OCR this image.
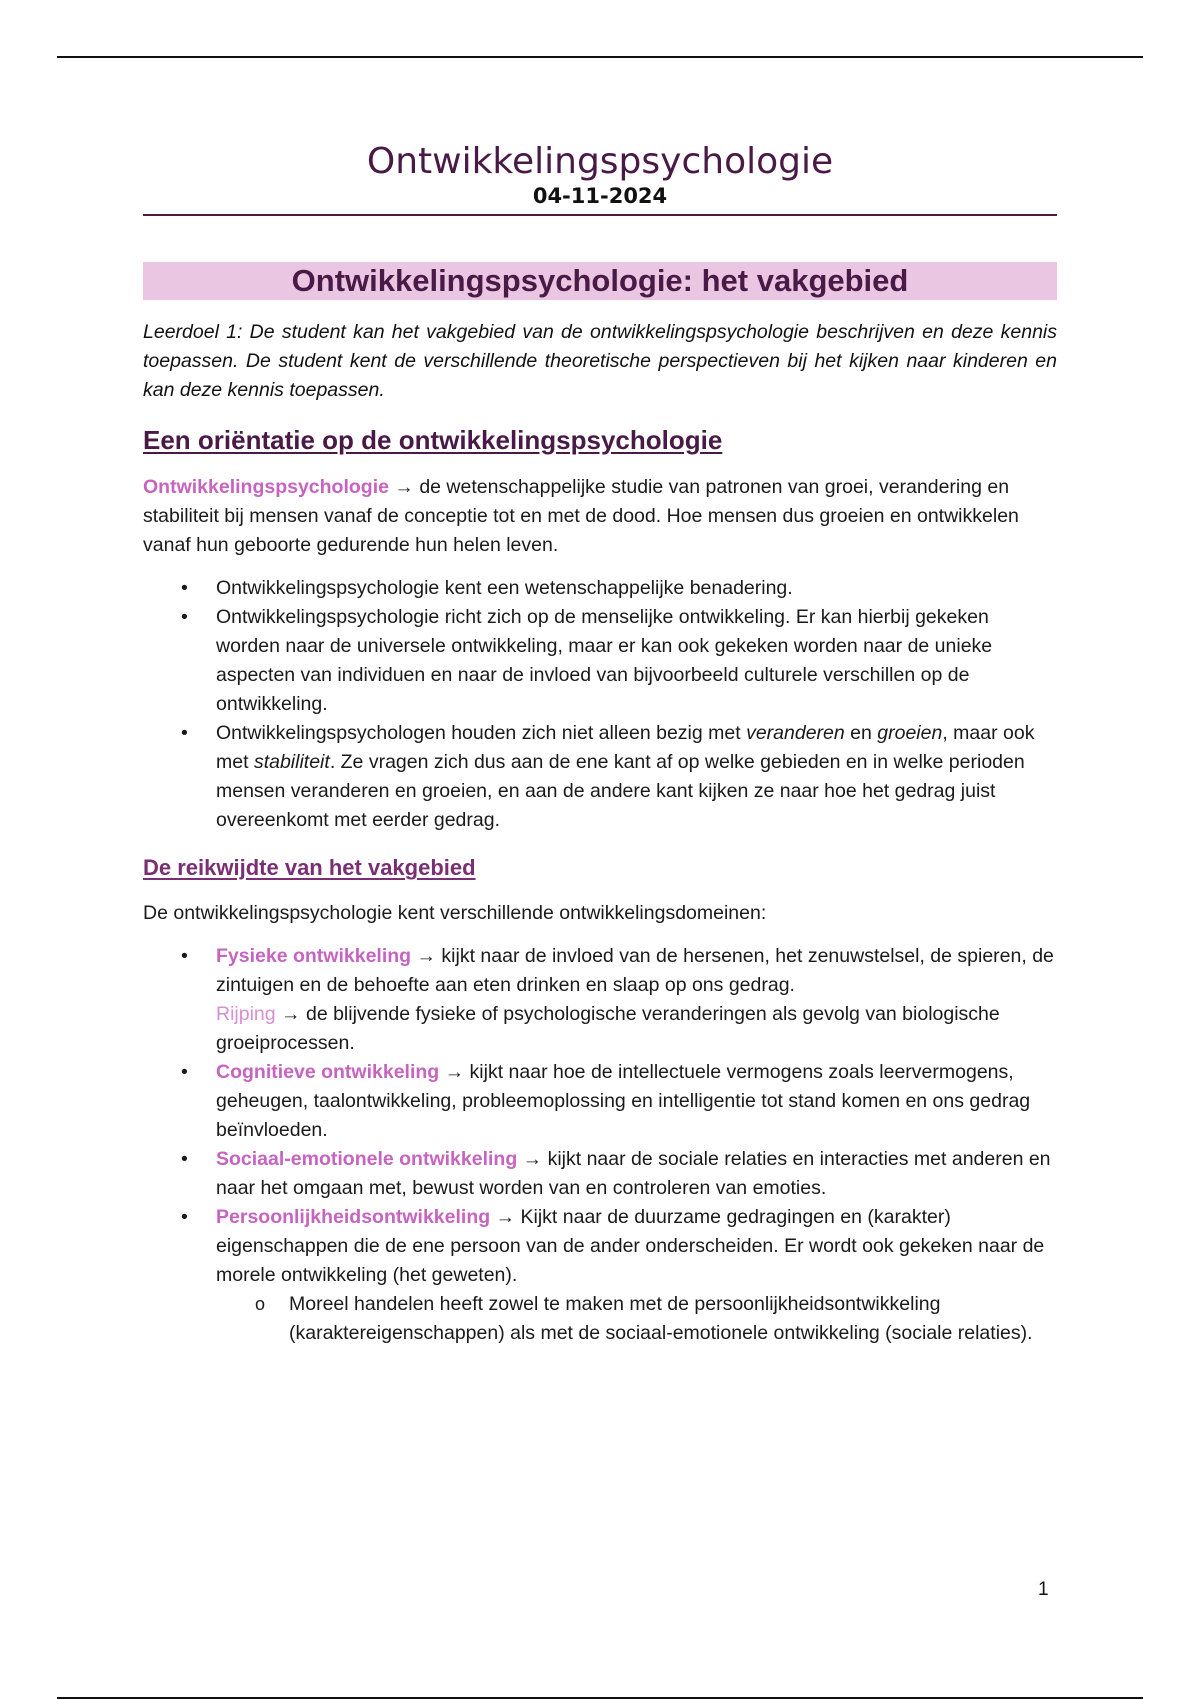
Ontwikkelingspsychologie
04-11-2024
Ontwikkelingspsychologie: het vakgebied
Leerdoel 1: De student kan het vakgebied van de ontwikkelingspsychologie beschrijven en deze kennis toepassen. De student kent de verschillende theoretische perspectieven bij het kijken naar kinderen en kan deze kennis toepassen.
Een oriëntatie op de ontwikkelingspsychologie
Ontwikkelingspsychologie → de wetenschappelijke studie van patronen van groei, verandering en stabiliteit bij mensen vanaf de conceptie tot en met de dood. Hoe mensen dus groeien en ontwikkelen vanaf hun geboorte gedurende hun helen leven.
• Ontwikkelingspsychologie kent een wetenschappelijke benadering.
• Ontwikkelingspsychologie richt zich op de menselijke ontwikkeling. Er kan hierbij gekeken worden naar de universele ontwikkeling, maar er kan ook gekeken worden naar de unieke aspecten van individuen en naar de invloed van bijvoorbeeld culturele verschillen op de ontwikkeling.
• Ontwikkelingspsychologen houden zich niet alleen bezig met veranderen en groeien, maar ook met stabiliteit. Ze vragen zich dus aan de ene kant af op welke gebieden en in welke perioden mensen veranderen en groeien, en aan de andere kant kijken ze naar hoe het gedrag juist overeenkomt met eerder gedrag.
De reikwijdte van het vakgebied
De ontwikkelingspsychologie kent verschillende ontwikkelingsdomeinen:
• Fysieke ontwikkeling → kijkt naar de invloed van de hersenen, het zenuwstelsel, de spieren, de zintuigen en de behoefte aan eten drinken en slaap op ons gedrag.
Rijping → de blijvende fysieke of psychologische veranderingen als gevolg van biologische groeiprocessen.
• Cognitieve ontwikkeling → kijkt naar hoe de intellectuele vermogens zoals leervermogens, geheugen, taalontwikkeling, probleemoplossing en intelligentie tot stand komen en ons gedrag beïnvloeden.
• Sociaal-emotionele ontwikkeling → kijkt naar de sociale relaties en interacties met anderen en naar het omgaan met, bewust worden van en controleren van emoties.
• Persoonlijkheidsontwikkeling → Kijkt naar de duurzame gedragingen en (karakter) eigenschappen die de ene persoon van de ander onderscheiden. Er wordt ook gekeken naar de morele ontwikkeling (het geweten).
o Moreel handelen heeft zowel te maken met de persoonlijkheidsontwikkeling (karaktereigenschappen) als met de sociaal-emotionele ontwikkeling (sociale relaties).
1
